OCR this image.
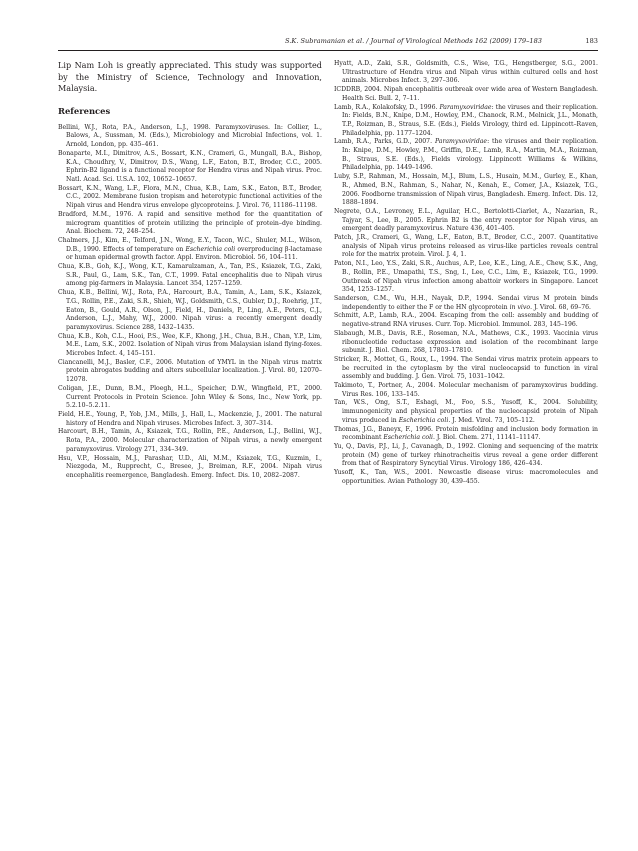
S.K. Subramanian et al. / Journal of Virological Methods 162 (2009) 179–183	183

Lip Nam Loh is greatly appreciated. This study was supported by the Ministry of Science, Technology and Innovation, Malaysia.

References
Bellini, W.J., Rota, P.A., Anderson, L.J., 1998. Paramyxoviruses. In: Collier, L., Balows, A., Sussman, M. (Eds.), Microbiology and Microbial Infections, vol. 1. Arnold, London, pp. 435–461.
Bonaparte, M.I., Dimitrov, A.S., Bossart, K.N., Crameri, G., Mungall, B.A., Bishop, K.A., Choudhry, V., Dimitrov, D.S., Wang, L.F., Eaton, B.T., Broder, C.C., 2005. Ephrin-B2 ligand is a functional receptor for Hendra virus and Nipah virus. Proc. Natl. Acad. Sci. U.S.A. 102, 10652–10657.
Bossart, K.N., Wang, L.F., Flora, M.N., Chua, K.B., Lam, S.K., Eaton, B.T., Broder, C.C., 2002. Membrane fusion tropism and heterotypic functional activities of the Nipah virus and Hendra virus envelope glycoproteins. J. Virol. 76, 11186–11198.
Bradford, M.M., 1976. A rapid and sensitive method for the quantitation of microgram quantities of protein utilizing the principle of protein–dye binding. Anal. Biochem. 72, 248–254.
Chalmers, J.J., Kim, E., Telford, J.N., Wong, E.Y., Tacon, W.C., Shuler, M.L., Wilson, D.B., 1990. Effects of temperature on Escherichia coli overproducing β-lactamase or human epidermal growth factor. Appl. Environ. Microbiol. 56, 104–111.
Chua, K.B., Goh, K.J., Wong, K.T., Kamarulzaman, A., Tan, P.S., Ksiazek, T.G., Zaki, S.R., Paul, G., Lam, S.K., Tan, C.T., 1999. Fatal encephalitis due to Nipah virus among pig-farmers in Malaysia. Lancet 354, 1257–1259.
Chua, K.B., Bellini, W.J., Rota, P.A., Harcourt, B.A., Tamin, A., Lam, S.K., Ksiazek, T.G., Rollin, P.E., Zaki, S.R., Shieh, W.J., Goldsmith, C.S., Gubler, D.J., Roehrig, J.T., Eaton, B., Gould, A.R., Olson, J., Field, H., Daniels, P., Ling, A.E., Peters, C.J., Anderson, L.J., Mahy, W.J., 2000. Nipah virus: a recently emergent deadly paramyxovirus. Science 288, 1432–1435.
Chua, K.B., Koh, C.L., Hooi, P.S., Wee, K.F., Khong, J.H., Chua, B.H., Chan, Y.P., Lim, M.E., Lam, S.K., 2002. Isolation of Nipah virus from Malaysian island flying-foxes. Microbes Infect. 4, 145–151.
Ciancanelli, M.J., Basler, C.F., 2006. Mutation of YMYL in the Nipah virus matrix protein abrogates budding and alters subcellular localization. J. Virol. 80, 12070–12078.
Coligan, J.E., Dunn, B.M., Ploegh, H.L., Speicher, D.W., Wingfield, P.T., 2000. Current Protocols in Protein Science. John Wiley & Sons, Inc., New York, pp. 5.2.10–5.2.11.
Field, H.E., Young, P., Yob, J.M., Mills, J., Hall, L., Mackenzie, J., 2001. The natural history of Hendra and Nipah viruses. Microbes Infect. 3, 307–314.
Harcourt, B.H., Tamin, A., Ksiazek, T.G., Rollin, P.E., Anderson, L.J., Bellini, W.J., Rota, P.A., 2000. Molecular characterization of Nipah virus, a newly emergent paramyxovirus. Virology 271, 334–349.
Hsu, V.P., Hossain, M.J., Parashar, U.D., Ali, M.M., Ksiazek, T.G., Kuzmin, I., Niezgoda, M., Rupprecht, C., Bresee, J., Breiman, R.F., 2004. Nipah virus encephalitis reemergence, Bangladesh. Emerg. Infect. Dis. 10, 2082–2087.
Hyatt, A.D., Zaki, S.R., Goldsmith, C.S., Wise, T.G., Hengstberger, S.G., 2001. Ultrastructure of Hendra virus and Nipah virus within cultured cells and host animals. Microbes Infect. 3, 297–306.
ICDDRB, 2004. Nipah encephalitis outbreak over wide area of Western Bangladesh. Health Sci. Bull. 2, 7–11.
Lamb, R.A., Kolakofsky, D., 1996. Paramyxoviridae: the viruses and their replication. In: Fields, B.N., Knipe, D.M., Howley, P.M., Chanock, R.M., Melnick, J.L., Monath, T.P., Roizman, B., Straus, S.E. (Eds.), Fields Virology, third ed. Lippincott–Raven, Philadelphia, pp. 1177–1204.
Lamb, R.A., Parks, G.D., 2007. Paramyxoviridae: the viruses and their replication. In: Knipe, D.M., Howley, P.M., Griffin, D.E., Lamb, R.A., Martin, M.A., Roizman, B., Straus, S.E. (Eds.), Fields virology. Lippincott Williams & Wilkins, Philadelphia, pp. 1449–1496.
Luby, S.P., Rahman, M., Hossain, M.J., Blum, L.S., Husain, M.M., Gurley, E., Khan, R., Ahmed, B.N., Rahman, S., Nahar, N., Kenah, E., Comer, J.A., Ksiazek, T.G., 2006. Foodborne transmission of Nipah virus, Bangladesh. Emerg. Infect. Dis. 12, 1888–1894.
Negrete, O.A., Levroney, E.L., Aguilar, H.C., Bertolotti-Ciarlet, A., Nazarian, R., Tajyar, S., Lee, B., 2005. Ephrin B2 is the entry receptor for Nipah virus, an emergent deadly paramyxovirus. Nature 436, 401–405.
Patch, J.R., Crameri, G., Wang, L.F., Eaton, B.T., Broder, C.C., 2007. Quantitative analysis of Nipah virus proteins released as virus-like particles reveals central role for the matrix protein. Virol. J. 4, 1.
Paton, N.I., Leo, Y.S., Zaki, S.R., Auchus, A.P., Lee, K.E., Ling, A.E., Chew, S.K., Ang, B., Rollin, P.E., Umapathi, T.S., Sng, I., Lee, C.C., Lim, E., Ksiazek, T.G., 1999. Outbreak of Nipah virus infection among abattoir workers in Singapore. Lancet 354, 1253–1257.
Sanderson, C.M., Wu, H.H., Nayak, D.P., 1994. Sendai virus M protein binds independently to either the F or the HN glycoprotein in vivo. J. Virol. 68, 69–76.
Schmitt, A.P., Lamb, R.A., 2004. Escaping from the cell: assembly and budding of negative-strand RNA viruses. Curr. Top. Microbiol. Immunol. 283, 145–196.
Slabaugh, M.B., Davis, R.E., Roseman, N.A., Mathews, C.K., 1993. Vaccinia virus ribonucleotide reductase expression and isolation of the recombinant large subunit. J. Biol. Chem. 268, 17803–17810.
Stricker, R., Mottet, G., Roux, L., 1994. The Sendai virus matrix protein appears to be recruited in the cytoplasm by the viral nucleocapsid to function in viral assembly and budding. J. Gen. Virol. 75, 1031–1042.
Takimoto, T., Portner, A., 2004. Molecular mechanism of paramyxovirus budding. Virus Res. 106, 133–145.
Tan, W.S., Ong, S.T., Eshagi, M., Foo, S.S., Yusoff, K., 2004. Solubility, immunogenicity and physical properties of the nucleocapsid protein of Nipah virus produced in Escherichia coli. J. Med. Virol. 73, 105–112.
Thomas, J.G., Baneyx, F., 1996. Protein misfolding and inclusion body formation in recombinant Escherichia coli. J. Biol. Chem. 271, 11141–11147.
Yu, Q., Davis, P.J., Li, J., Cavanagh, D., 1992. Cloning and sequencing of the matrix protein (M) gene of turkey rhinotracheitis virus reveal a gene order different from that of Respiratory Syncytial Virus. Virology 186, 426–434.
Yusoff, K., Tan, W.S., 2001. Newcastle disease virus: macromolecules and opportunities. Avian Pathology 30, 439–455.
